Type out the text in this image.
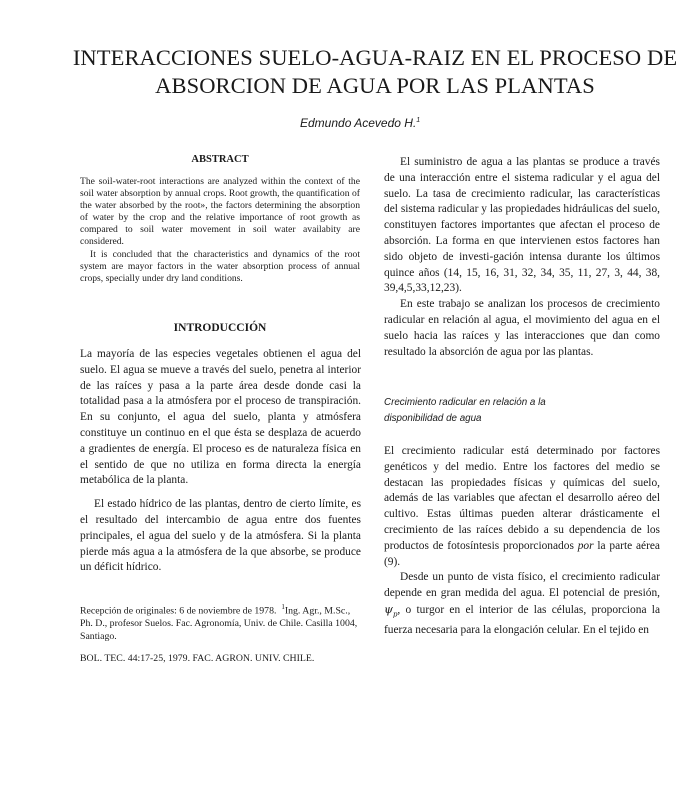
INTERACCIONES SUELO-AGUA-RAIZ EN EL PROCESO DE
ABSORCION DE AGUA POR LAS PLANTAS
Edmundo Acevedo H.$^1$
ABSTRACT

The soil-water-root interactions are analyzed within the context of the soil water absorption by annual crops. Root growth, the quantification of the water absorbed by the root», the factors determining the absorption of water by the crop and the relative importance of root growth as compared to soil water movement in soil water availabity are considered.

It is concluded that the characteristics and dynamics of the root system are mayor factors in the water absorption process of annual crops, specially under dry land conditions.

INTRODUCCIÓN

La mayoría de las especies vegetales obtienen el agua del suelo. El agua se mueve a través del suelo, penetra al interior de las raíces y pasa a la parte área desde donde casi la totalidad pasa a la atmósfera por el proceso de transpiración. En su conjunto, el agua del suelo, planta y atmósfera constituye un continuo en el que ésta se desplaza de acuerdo a gradientes de energía. El proceso es de naturaleza física en el sentido de que no utiliza en forma directa la energía metabólica de la planta.

El estado hídrico de las plantas, dentro de cierto límite, es el resultado del intercambio de agua entre dos fuentes principales, el agua del suelo y de la atmósfera. Si la planta pierde más agua a la atmósfera de la que absorbe, se produce un déficit hídrico.

Recepción de originales: 6 de noviembre de 1978. $^1$Ing. Agr., M.Sc., Ph. D., profesor Suelos. Fac. Agronomía, Univ. de Chile. Casilla 1004, Santiago.

BOL. TEC. 44:17-25, 1979. FAC. AGRON. UNIV. CHILE.

El suministro de agua a las plantas se produce a través de una interacción entre el sistema radicular y el agua del suelo. La tasa de crecimiento radicular, las características del sistema radicular y las propiedades hidráulicas del suelo, constituyen factores importantes que afectan el proceso de absorción. La forma en que intervienen estos factores han sido objeto de investi-gación intensa durante los últimos quince años (14, 15, 16, 31, 32, 34, 35, 11, 27, 3, 44, 38, 39,4,5,33,12,23).

En este trabajo se analizan los procesos de crecimiento radicular en relación al agua, el movimiento del agua en el suelo hacia las raíces y las interacciones que dan como resultado la absorción de agua por las plantas.

Crecimiento radicular en relación a la
disponibilidad de agua

El crecimiento radicular está determinado por factores genéticos y del medio. Entre los factores del medio se destacan las propiedades físicas y químicas del suelo, además de las variables que afectan el desarrollo aéreo del cultivo. Estas últimas pueden alterar drásticamente el crecimiento de las raíces debido a su dependencia de los productos de fotosíntesis proporcionados por la parte aérea (9).

Desde un punto de vista físico, el crecimiento radicular depende en gran medida del agua. El potencial de presión, $\psi_p$, o turgor en el interior de las células, proporciona la fuerza necesaria para la elongación celular. En el tejido en
